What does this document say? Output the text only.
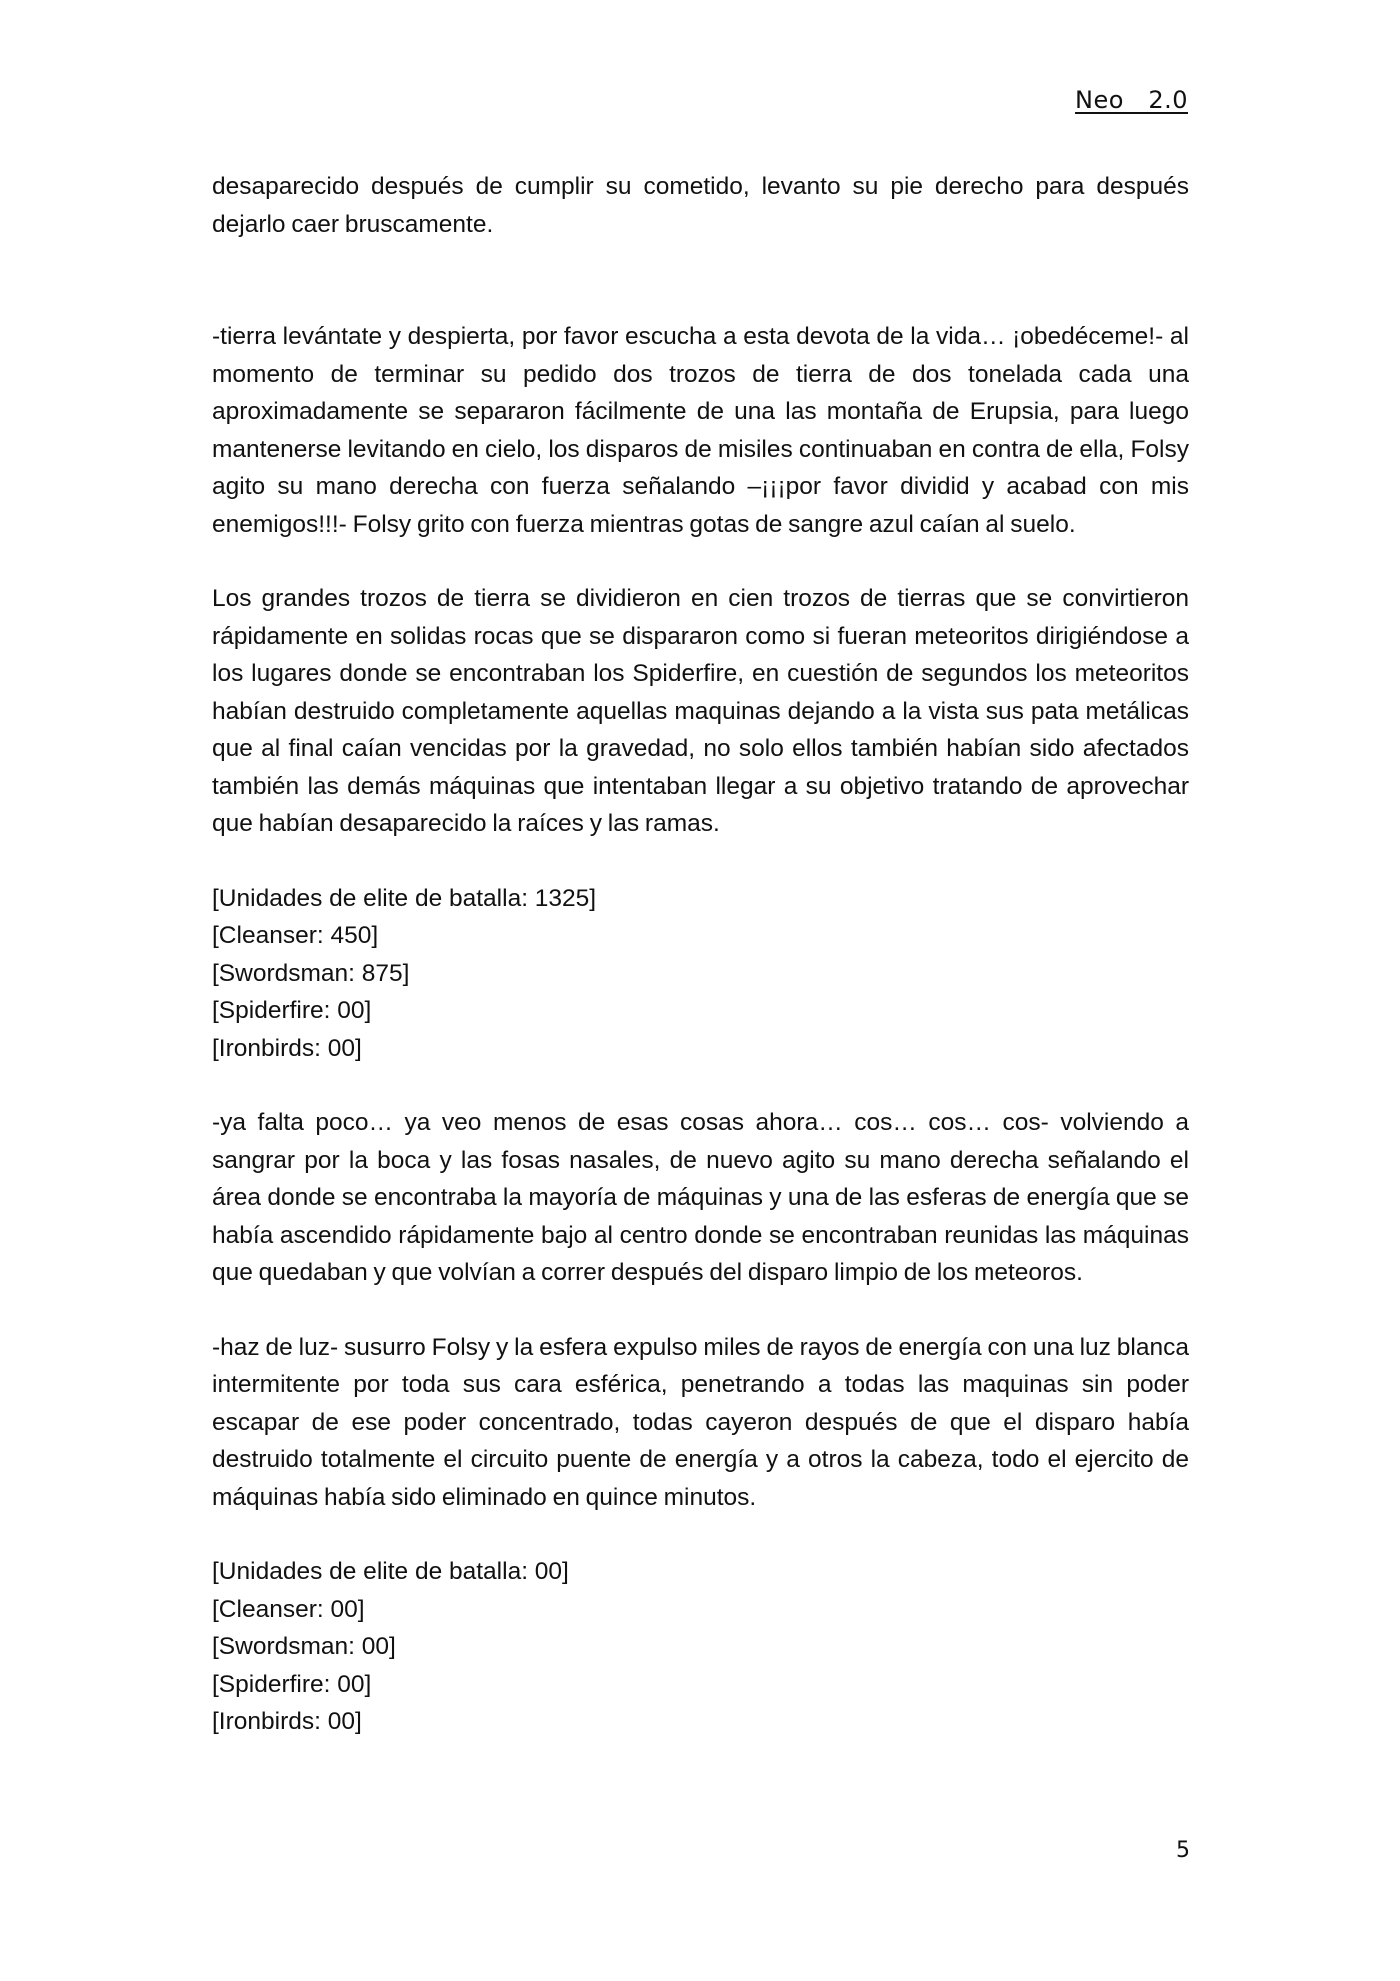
Neo   2.0

desaparecido después de cumplir su cometido, levanto su pie derecho para después dejarlo caer bruscamente.

-tierra levántate y despierta, por favor escucha a esta devota de la vida… ¡obedéceme!- al momento de terminar su pedido dos trozos de tierra de dos tonelada cada una aproximadamente se separaron fácilmente de una las montaña de Erupsia, para luego mantenerse levitando en cielo, los disparos de misiles continuaban en contra de ella, Folsy agito su mano derecha con fuerza señalando –¡¡¡por favor dividid y acabad con mis enemigos!!!- Folsy grito con fuerza mientras gotas de sangre azul caían al suelo.

Los grandes trozos de tierra se dividieron en cien trozos de tierras que se convirtieron rápidamente en solidas rocas que se dispararon como si fueran meteoritos dirigiéndose a los lugares donde se encontraban los Spiderfire, en cuestión de segundos los meteoritos habían destruido completamente aquellas maquinas dejando a la vista sus pata metálicas que al final caían vencidas por la gravedad, no solo ellos también habían sido afectados también las demás máquinas que intentaban llegar a su objetivo tratando de aprovechar que habían desaparecido la raíces y las ramas.

[Unidades de elite de batalla: 1325]
[Cleanser: 450]
[Swordsman: 875]
[Spiderfire: 00]
[Ironbirds: 00]

-ya falta poco… ya veo menos de esas cosas ahora… cos… cos… cos- volviendo a sangrar por la boca y las fosas nasales, de nuevo agito su mano derecha señalando el área donde se encontraba la mayoría de máquinas y una de las esferas de energía que se había ascendido rápidamente bajo al centro donde se encontraban reunidas las máquinas que quedaban y que volvían a correr después del disparo limpio de los meteoros.

-haz de luz- susurro Folsy y la esfera expulso miles de rayos de energía con una luz blanca intermitente por toda sus cara esférica, penetrando a todas las maquinas sin poder escapar de ese poder concentrado, todas cayeron después de que el disparo había destruido totalmente el circuito puente de energía y a otros la cabeza, todo el ejercito de máquinas había sido eliminado en quince minutos.

[Unidades de elite de batalla: 00]
[Cleanser: 00]
[Swordsman: 00]
[Spiderfire: 00]
[Ironbirds: 00]
5
